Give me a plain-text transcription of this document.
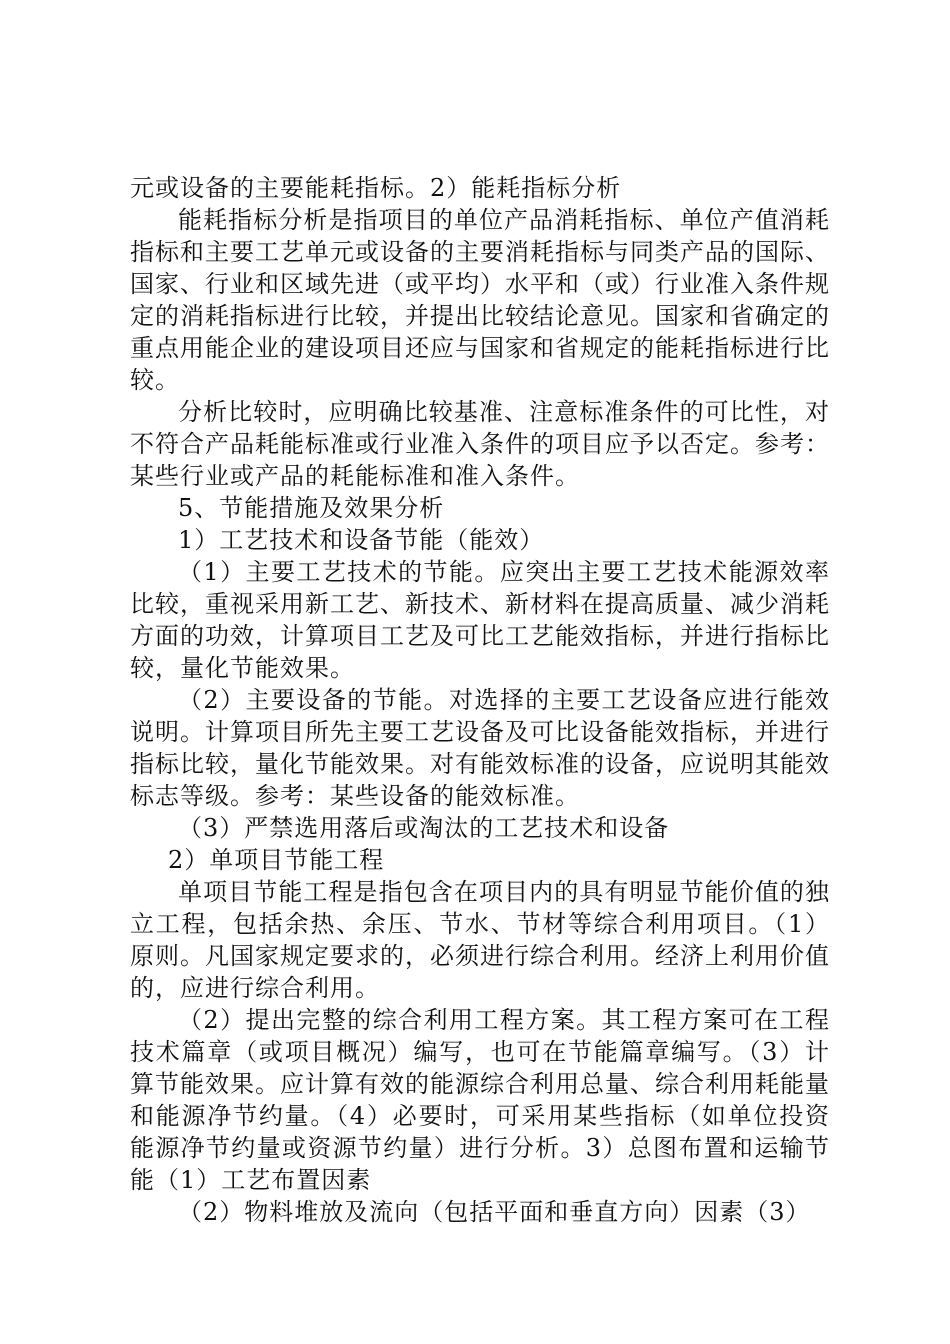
元或设备的主要能耗指标。2）能耗指标分析

能耗指标分析是指项目的单位产品消耗指标、单位产值消耗指标和主要工艺单元或设备的主要消耗指标与同类产品的国际、国家、行业和区域先进（或平均）水平和（或）行业准入条件规定的消耗指标进行比较，并提出比较结论意见。国家和省确定的重点用能企业的建设项目还应与国家和省规定的能耗指标进行比较。

分析比较时，应明确比较基准、注意标准条件的可比性，对不符合产品耗能标准或行业准入条件的项目应予以否定。参考：某些行业或产品的耗能标准和准入条件。

5、节能措施及效果分析

1）工艺技术和设备节能（能效）

（1）主要工艺技术的节能。应突出主要工艺技术能源效率比较，重视采用新工艺、新技术、新材料在提高质量、减少消耗方面的功效，计算项目工艺及可比工艺能效指标，并进行指标比较，量化节能效果。

（2）主要设备的节能。对选择的主要工艺设备应进行能效说明。计算项目所先主要工艺设备及可比设备能效指标，并进行指标比较，量化节能效果。对有能效标准的设备，应说明其能效标志等级。参考：某些设备的能效标准。

（3）严禁选用落后或淘汰的工艺技术和设备

2）单项目节能工程

单项目节能工程是指包含在项目内的具有明显节能价值的独立工程，包括余热、余压、节水、节材等综合利用项目。（1）原则。凡国家规定要求的，必须进行综合利用。经济上利用价值的，应进行综合利用。

（2）提出完整的综合利用工程方案。其工程方案可在工程技术篇章（或项目概况）编写，也可在节能篇章编写。（3）计算节能效果。应计算有效的能源综合利用总量、综合利用耗能量和能源净节约量。（4）必要时，可采用某些指标（如单位投资能源净节约量或资源节约量）进行分析。3）总图布置和运输节能（1）工艺布置因素

（2）物料堆放及流向（包括平面和垂直方向）因素（3）
